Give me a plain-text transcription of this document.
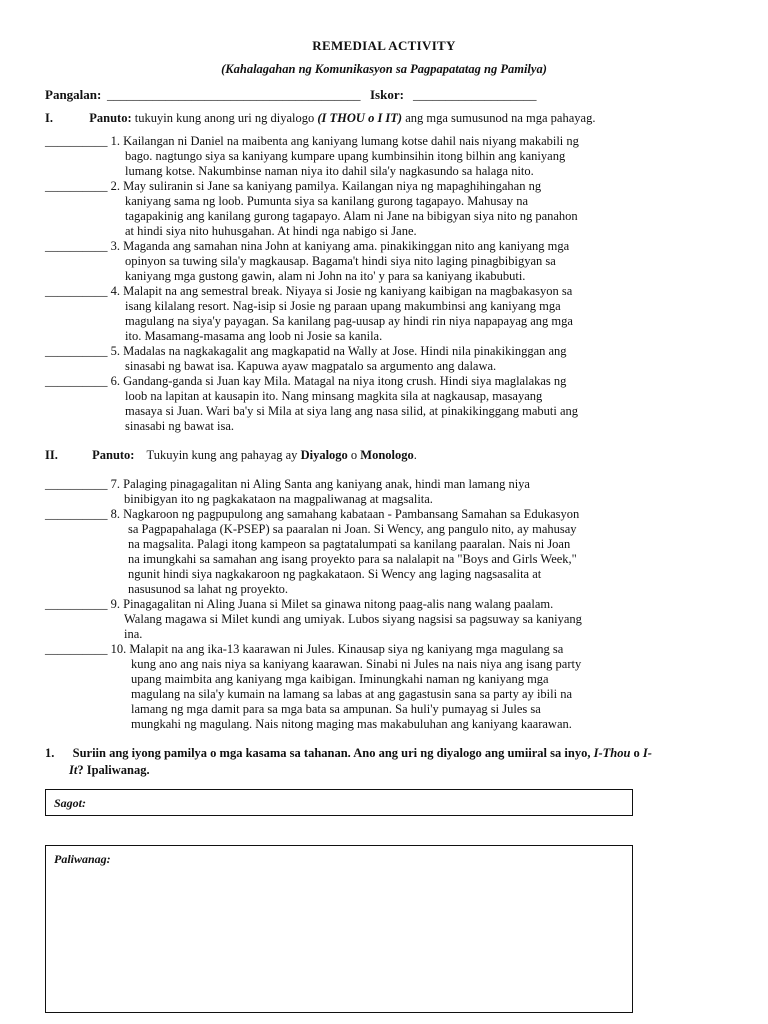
REMEDIAL ACTIVITY
(Kahalagahan ng Komunikasyon sa Pagpapatatag ng Pamilya)
Pangalan: _______________________________________ Iskor: ___________________
I.	Panuto: tukuyin kung anong uri ng diyalogo (I THOU o I IT) ang mga sumusunod na mga pahayag.
__________ 1. Kailangan ni Daniel na maibenta ang kaniyang lumang kotse dahil nais niyang makabili ng
bago. nagtungo siya sa kaniyang kumpare upang kumbinsihin itong bilhin ang kaniyang
lumang kotse. Nakumbinse naman niya ito dahil sila'y nagkasundo sa halaga nito.
__________ 2. May suliranin si Jane sa kaniyang pamilya. Kailangan niya ng mapaghihingahan ng
kaniyang sama ng loob. Pumunta siya sa kanilang gurong tagapayo. Mahusay na
tagapakinig ang kanilang gurong tagapayo. Alam ni Jane na bibigyan siya nito ng panahon
at hindi siya nito huhusgahan. At hindi nga nabigo si Jane.
__________ 3. Maganda ang samahan nina John at kaniyang ama. pinakikinggan nito ang kaniyang mga
opinyon sa tuwing sila'y magkausap. Bagama't hindi siya nito laging pinagbibigyan sa
kaniyang mga gustong gawin, alam ni John na ito' y para sa kaniyang ikabubuti.
__________ 4. Malapit na ang semestral break. Niyaya si Josie ng kaniyang kaibigan na magbakasyon sa
isang kilalang resort. Nag-isip si Josie ng paraan upang makumbinsi ang kaniyang mga
magulang na siya'y payagan. Sa kanilang pag-uusap ay hindi rin niya napapayag ang mga
ito. Masamang-masama ang loob ni Josie sa kanila.
__________ 5. Madalas na nagkakagalit ang magkapatid na Wally at Jose. Hindi nila pinakikinggan ang
sinasabi ng bawat isa. Kapuwa ayaw magpatalo sa argumento ang dalawa.
__________ 6. Gandang-ganda si Juan kay Mila. Matagal na niya itong crush. Hindi siya maglalakas ng
loob na lapitan at kausapin ito. Nang minsang magkita sila at nagkausap, masayang
masaya si Juan. Wari ba'y si Mila at siya lang ang nasa silid, at pinakikinggang mabuti ang
sinasabi ng bawat isa.
II.	Panuto: Tukuyin kung ang pahayag ay Diyalogo o Monologo.
__________ 7. Palaging pinagagalitan ni Aling Santa ang kaniyang anak, hindi man lamang niya
binibigyan ito ng pagkakataon na magpaliwanag at magsalita.
__________ 8. Nagkaroon ng pagpupulong ang samahang kabataan - Pambansang Samahan sa Edukasyon
sa Pagpapahalaga (K-PSEP) sa paaralan ni Joan. Si Wency, ang pangulo nito, ay mahusay
na magsalita. Palagi itong kampeon sa pagtatalumpati sa kanilang paaralan. Nais ni Joan
na imungkahi sa samahan ang isang proyekto para sa nalalapit na "Boys and Girls Week,"
ngunit hindi siya nagkakaroon ng pagkakataon. Si Wency ang laging nagsasalita at
nasusunod sa lahat ng proyekto.
__________ 9. Pinagagalitan ni Aling Juana si Milet sa ginawa nitong paag-alis nang walang paalam.
Walang magawa si Milet kundi ang umiyak. Lubos siyang nagsisi sa pagsuway sa kaniyang
ina.
__________ 10. Malapit na ang ika-13 kaarawan ni Jules. Kinausap siya ng kaniyang mga magulang sa
kung ano ang nais niya sa kaniyang kaarawan. Sinabi ni Jules na nais niya ang isang party
upang maimbita ang kaniyang mga kaibigan. Iminungkahi naman ng kaniyang mga
magulang na sila'y kumain na lamang sa labas at ang gagastusin sana sa party ay ibili na
lamang ng mga damit para sa mga bata sa ampunan. Sa huli'y pumayag si Jules sa
mungkahi ng magulang. Nais nitong maging mas makabuluhan ang kaniyang kaarawan.
1. Suriin ang iyong pamilya o mga kasama sa tahanan. Ano ang uri ng diyalogo ang umiiral sa inyo, I-Thou o I-
It? Ipaliwanag.
Sagot:
Paliwanag:
